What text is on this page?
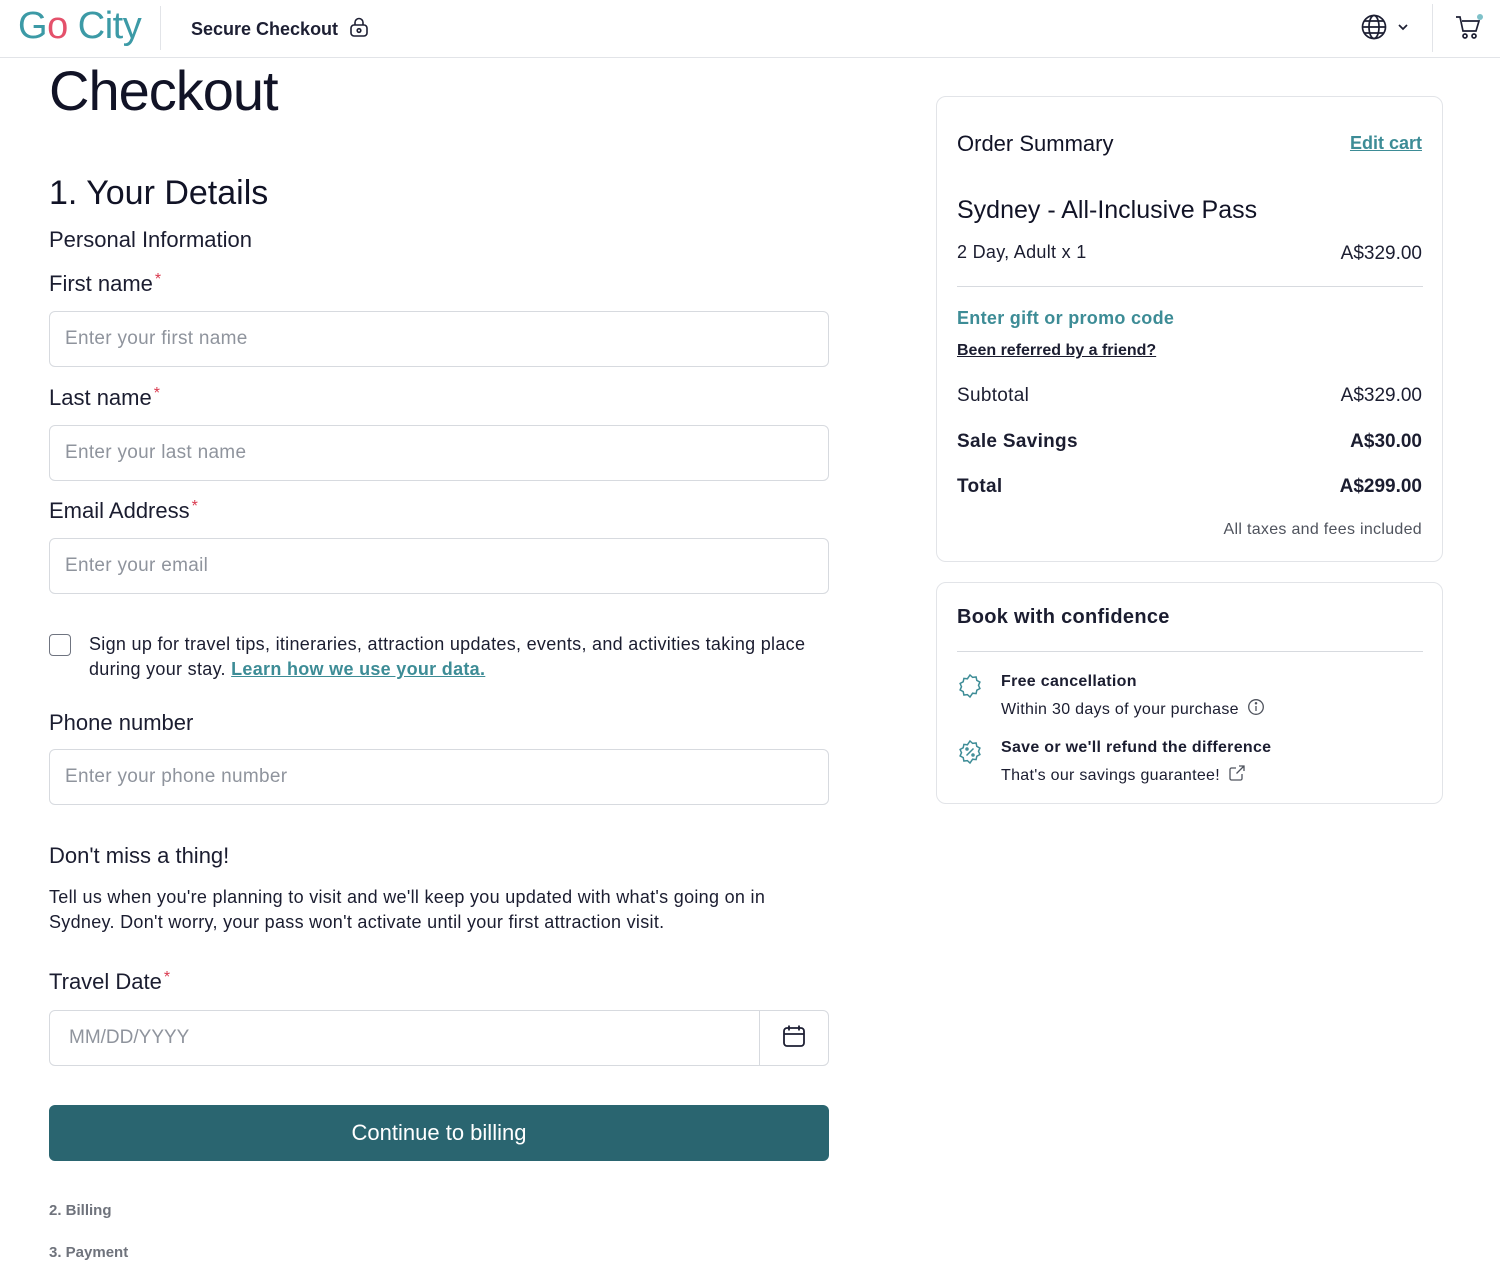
Go City	Secure Checkout
Checkout
1. Your Details
Personal Information
First name *
Enter your first name
Last name *
Enter your last name
Email Address *
Enter your email
Sign up for travel tips, itineraries, attraction updates, events, and activities taking place during your stay. Learn how we use your data.
Phone number
Enter your phone number
Don't miss a thing!
Tell us when you're planning to visit and we'll keep you updated with what's going on in Sydney. Don't worry, your pass won't activate until your first attraction visit.
Travel Date *
MM/DD/YYYY
Continue to billing
2. Billing
3. Payment
Order Summary	Edit cart
Sydney - All-Inclusive Pass
2 Day, Adult x 1	A$329.00
Enter gift or promo code
Been referred by a friend?
Subtotal	A$329.00
Sale Savings	A$30.00
Total	A$299.00
All taxes and fees included
Book with confidence
Free cancellation
Within 30 days of your purchase
Save or we'll refund the difference
That's our savings guarantee!
